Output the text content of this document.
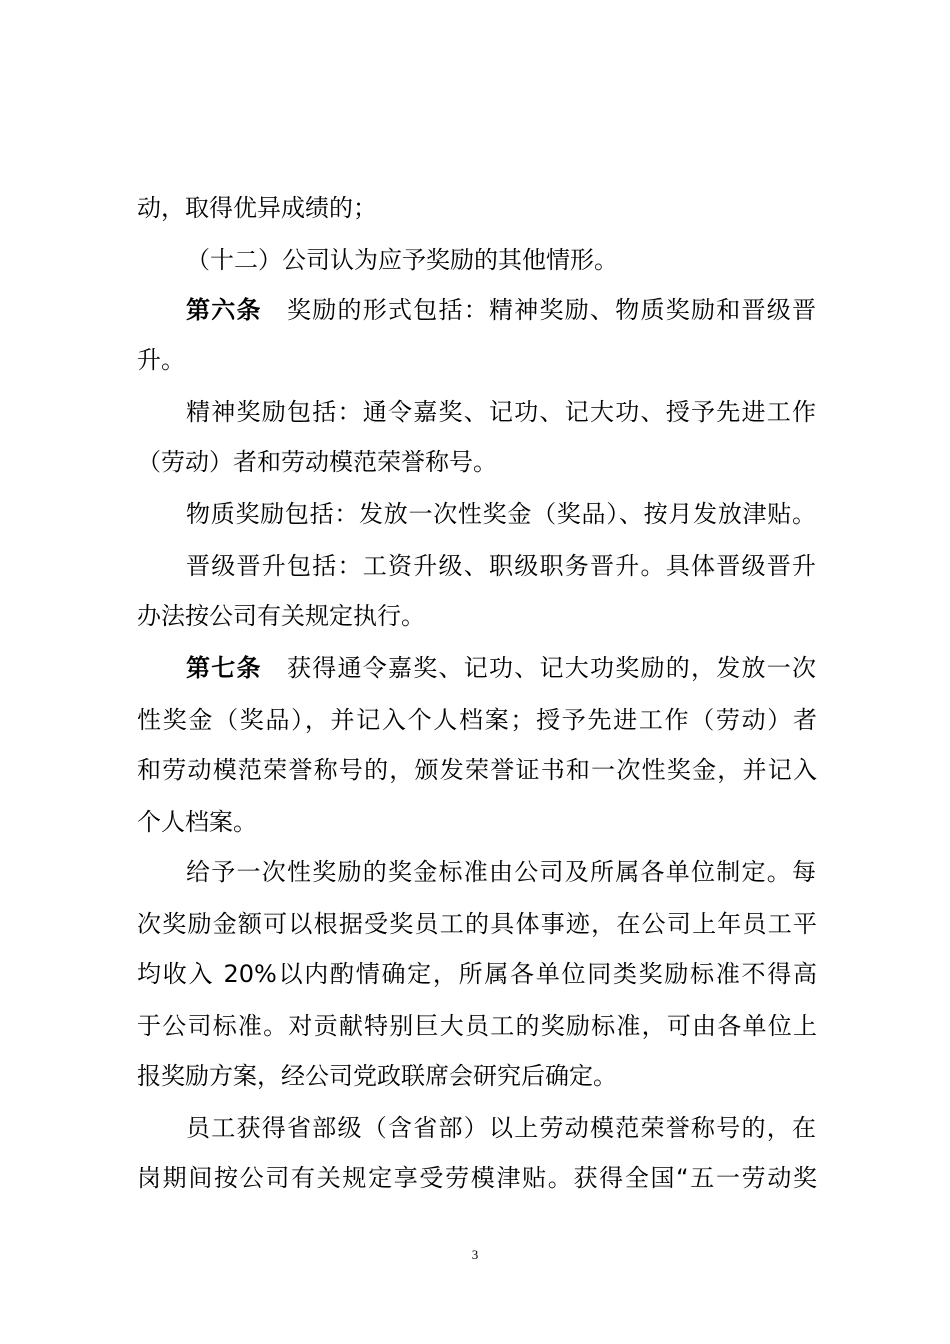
动，取得优异成绩的；
（十二）公司认为应予奖励的其他情形。
第六条 奖励的形式包括：精神奖励、物质奖励和晋级晋
升。
精神奖励包括：通令嘉奖、记功、记大功、授予先进工作
（劳动）者和劳动模范荣誉称号。
物质奖励包括：发放一次性奖金（奖品）、按月发放津贴。
晋级晋升包括：工资升级、职级职务晋升。具体晋级晋升
办法按公司有关规定执行。
第七条 获得通令嘉奖、记功、记大功奖励的，发放一次
性奖金（奖品），并记入个人档案；授予先进工作（劳动）者
和劳动模范荣誉称号的，颁发荣誉证书和一次性奖金，并记入
个人档案。
给予一次性奖励的奖金标准由公司及所属各单位制定。每
次奖励金额可以根据受奖员工的具体事迹，在公司上年员工平
均收入 20%以内酌情确定，所属各单位同类奖励标准不得高
于公司标准。对贡献特别巨大员工的奖励标准，可由各单位上
报奖励方案，经公司党政联席会研究后确定。
员工获得省部级（含省部）以上劳动模范荣誉称号的，在
岗期间按公司有关规定享受劳模津贴。获得全国“五一劳动奖
3
